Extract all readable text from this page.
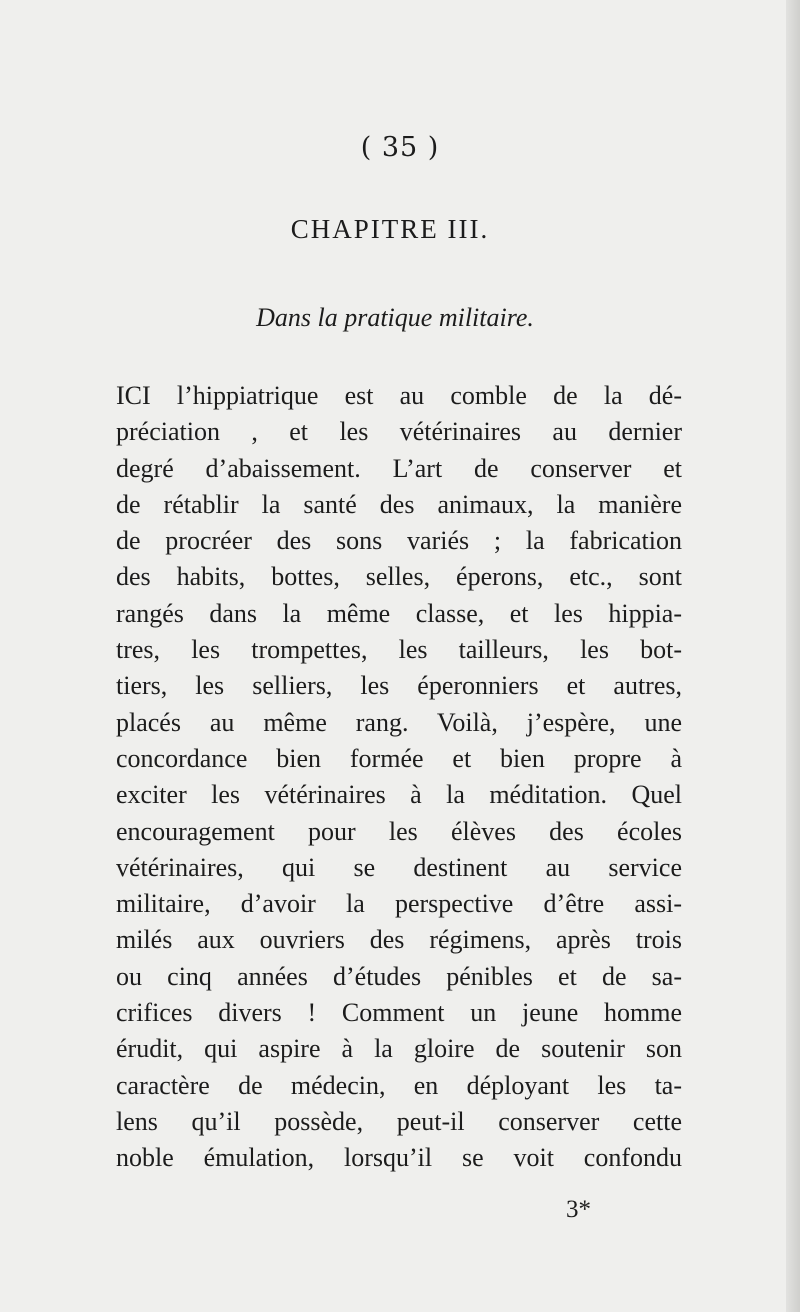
( 35 )
CHAPITRE III.
Dans la pratique militaire.
ICI l’hippiatrique est au comble de la dé-
préciation , et les vétérinaires au dernier
degré d’abaissement. L’art de conserver et
de rétablir la santé des animaux, la manière
de procréer des sons variés ; la fabrication
des habits, bottes, selles, éperons, etc., sont
rangés dans la même classe, et les hippia-
tres, les trompettes, les tailleurs, les bot-
tiers, les selliers, les éperonniers et autres,
placés au même rang. Voilà, j’espère, une
concordance bien formée et bien propre à
exciter les vétérinaires à la méditation. Quel
encouragement pour les élèves des écoles
vétérinaires, qui se destinent au service
militaire, d’avoir la perspective d’être assi-
milés aux ouvriers des régimens, après trois
ou cinq années d’études pénibles et de sa-
crifices divers ! Comment un jeune homme
érudit, qui aspire à la gloire de soutenir son
caractère de médecin, en déployant les ta-
lens qu’il possède, peut-il conserver cette
noble émulation, lorsqu’il se voit confondu
3*
